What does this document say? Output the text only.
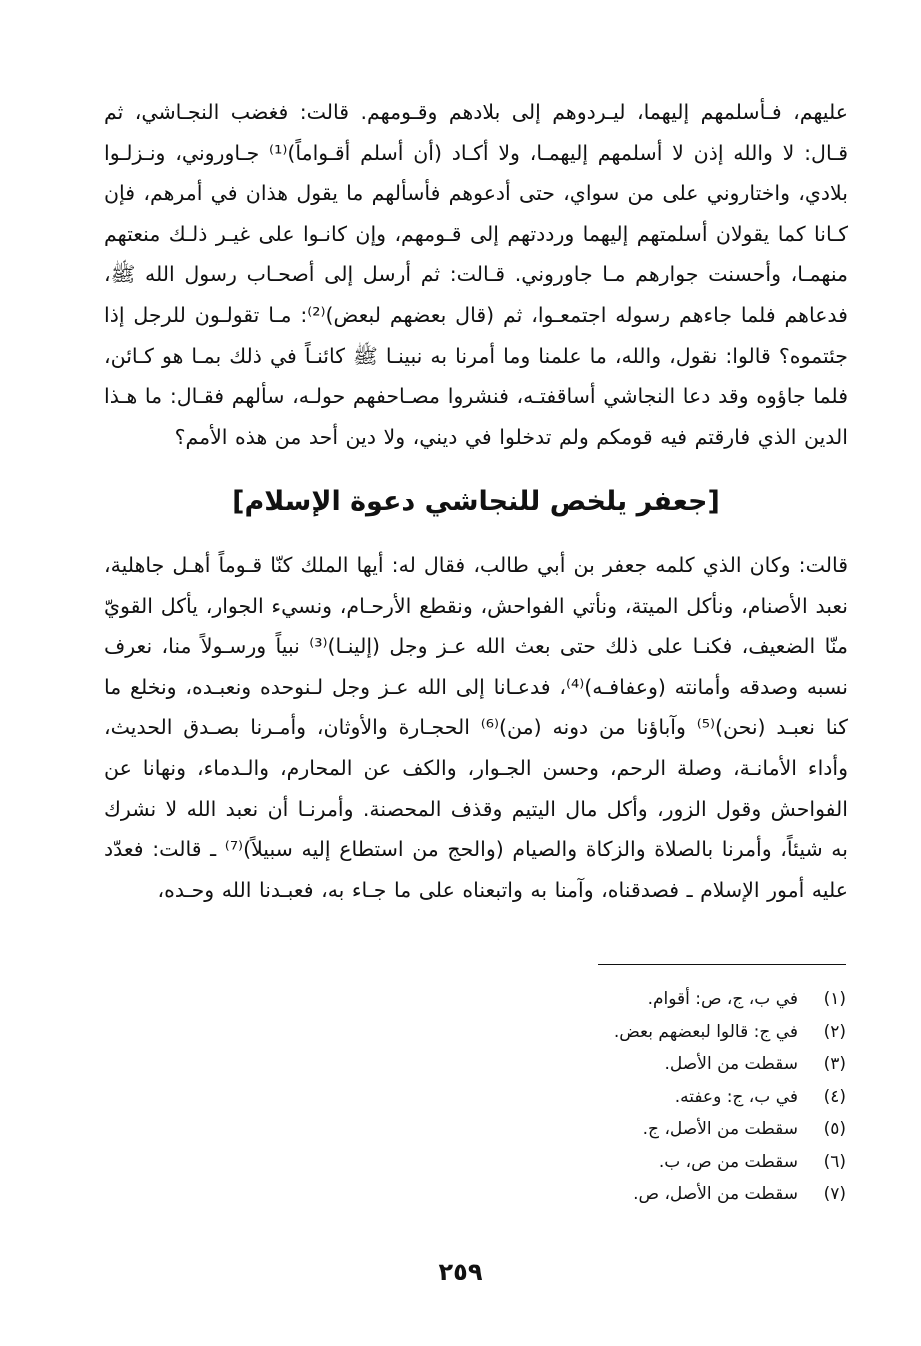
عليهم، فـأسلمهم إليهما، ليـردوهم إلى بلادهم وقـومهم. قالت: فغضب النجـاشي، ثم قـال: لا والله إذن لا أسلمهم إليهمـا، ولا أكـاد (أن أسلم أقـواماً)⁽¹⁾ جـاوروني، ونـزلـوا بلادي، واختاروني على من سواي، حتى أدعوهم فأسألهم ما يقول هذان في أمرهم، فإن كـانا كما يقولان أسلمتهم إليهما ورددتهم إلى قـومهم، وإن كانـوا على غيـر ذلـك منعتهم منهمـا، وأحسنت جوارهم مـا جاوروني. قـالت: ثم أرسل إلى أصحـاب رسول الله ﷺ، فدعاهم فلما جاءهم رسوله اجتمعـوا، ثم (قال بعضهم لبعض)⁽²⁾: مـا تقولـون للرجل إذا جئتموه؟ قالوا: نقول، والله، ما علمنا وما أمرنا به نبينـا ﷺ كائنـاً في ذلك بمـا هو كـائن، فلما جاؤوه وقد دعا النجاشي أساقفتـه، فنشروا مصـاحفهم حولـه، سألهم فقـال: ما هـذا الدين الذي فارقتم فيه قومكم ولم تدخلوا في ديني، ولا دين أحد من هذه الأمم؟

[جعفر يلخص للنجاشي دعوة الإسلام]

قالت: وكان الذي كلمه جعفر بن أبي طالب، فقال له: أيها الملك كنّا قـوماً أهـل جاهلية، نعبد الأصنام، ونأكل الميتة، ونأتي الفواحش، ونقطع الأرحـام، ونسيء الجوار، يأكل القويّ منّا الضعيف، فكنـا على ذلك حتى بعث الله عـز وجل (إلينـا)⁽³⁾ نبياً ورسـولاً منا، نعرف نسبه وصدقه وأمانته (وعفافـه)⁽⁴⁾، فدعـانا إلى الله عـز وجل لـنوحده ونعبـده، ونخلع ما كنا نعبـد (نحن)⁽⁵⁾ وآباؤنا من دونه (من)⁽⁶⁾ الحجـارة والأوثان، وأمـرنا بصـدق الحديث، وأداء الأمانـة، وصلة الرحم، وحسن الجـوار، والكف عن المحارم، والـدماء، ونهانا عن الفواحش وقول الزور، وأكل مال اليتيم وقذف المحصنة. وأمرنـا أن نعبد الله لا نشرك به شيئاً، وأمرنا بالصلاة والزكاة والصيام (والحج من استطاع إليه سبيلاً)⁽⁷⁾ ـ قالت: فعدّد عليه أمور الإسلام ـ فصدقناه، وآمنا به واتبعناه على ما جـاء به، فعبـدنا الله وحـده،

(١)في ب، ج، ص: أقوام.
(٢)في ج: قالوا لبعضهم بعض.
(٣)سقطت من الأصل.
(٤)في ب، ج: وعفته.
(٥)سقطت من الأصل، ج.
(٦)سقطت من ص، ب.
(٧)سقطت من الأصل، ص.
٢٥٩
